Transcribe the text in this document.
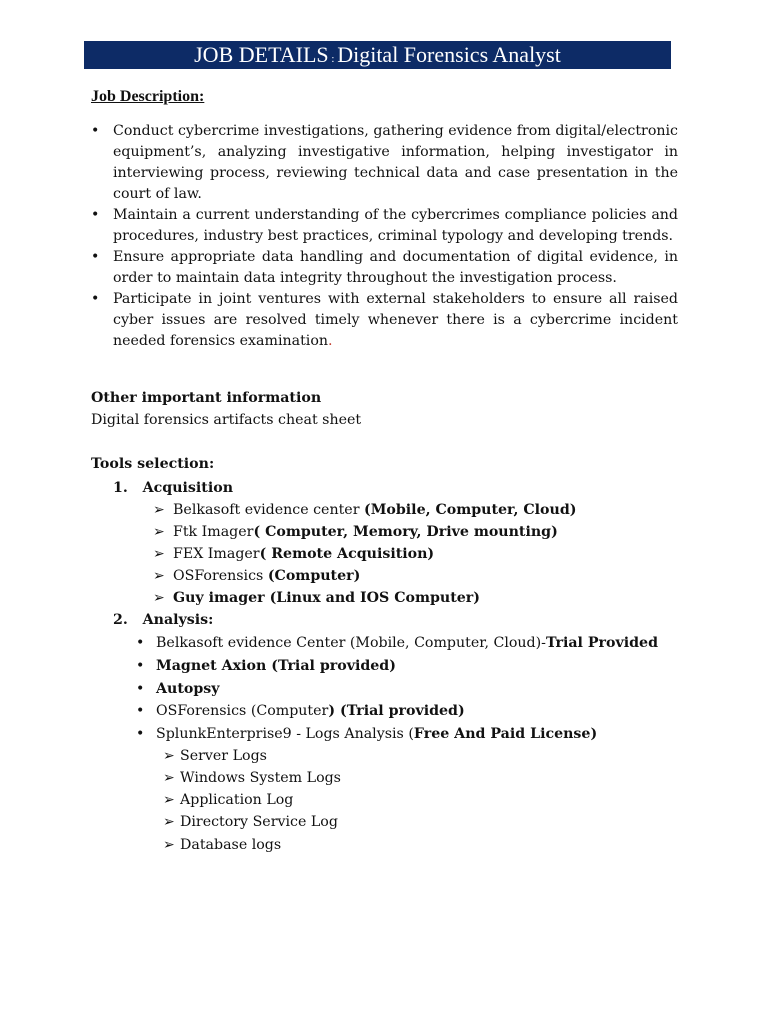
JOB DETAILS : Digital Forensics Analyst
Job Description:
• Conduct cybercrime investigations, gathering evidence from digital/electronic equipment’s, analyzing investigative information, helping investigator in interviewing process, reviewing technical data and case presentation in the court of law.
• Maintain a current understanding of the cybercrimes compliance policies and procedures, industry best practices, criminal typology and developing trends.
• Ensure appropriate data handling and documentation of digital evidence, in order to maintain data integrity throughout the investigation process.
• Participate in joint ventures with external stakeholders to ensure all raised cyber issues are resolved timely whenever there is a cybercrime incident needed forensics examination.
Other important information
Digital forensics artifacts cheat sheet
Tools selection:
1. Acquisition
➢ Belkasoft evidence center (Mobile, Computer, Cloud)
➢ Ftk Imager( Computer, Memory, Drive mounting)
➢ FEX Imager( Remote Acquisition)
➢ OSForensics (Computer)
➢ Guy imager (Linux and IOS Computer)
2. Analysis:
• Belkasoft evidence Center (Mobile, Computer, Cloud)-Trial Provided
• Magnet Axion (Trial provided)
• Autopsy
• OSForensics (Computer) (Trial provided)
• SplunkEnterprise9 - Logs Analysis (Free And Paid License)
➢ Server Logs
➢ Windows System Logs
➢ Application Log
➢ Directory Service Log
➢ Database logs
